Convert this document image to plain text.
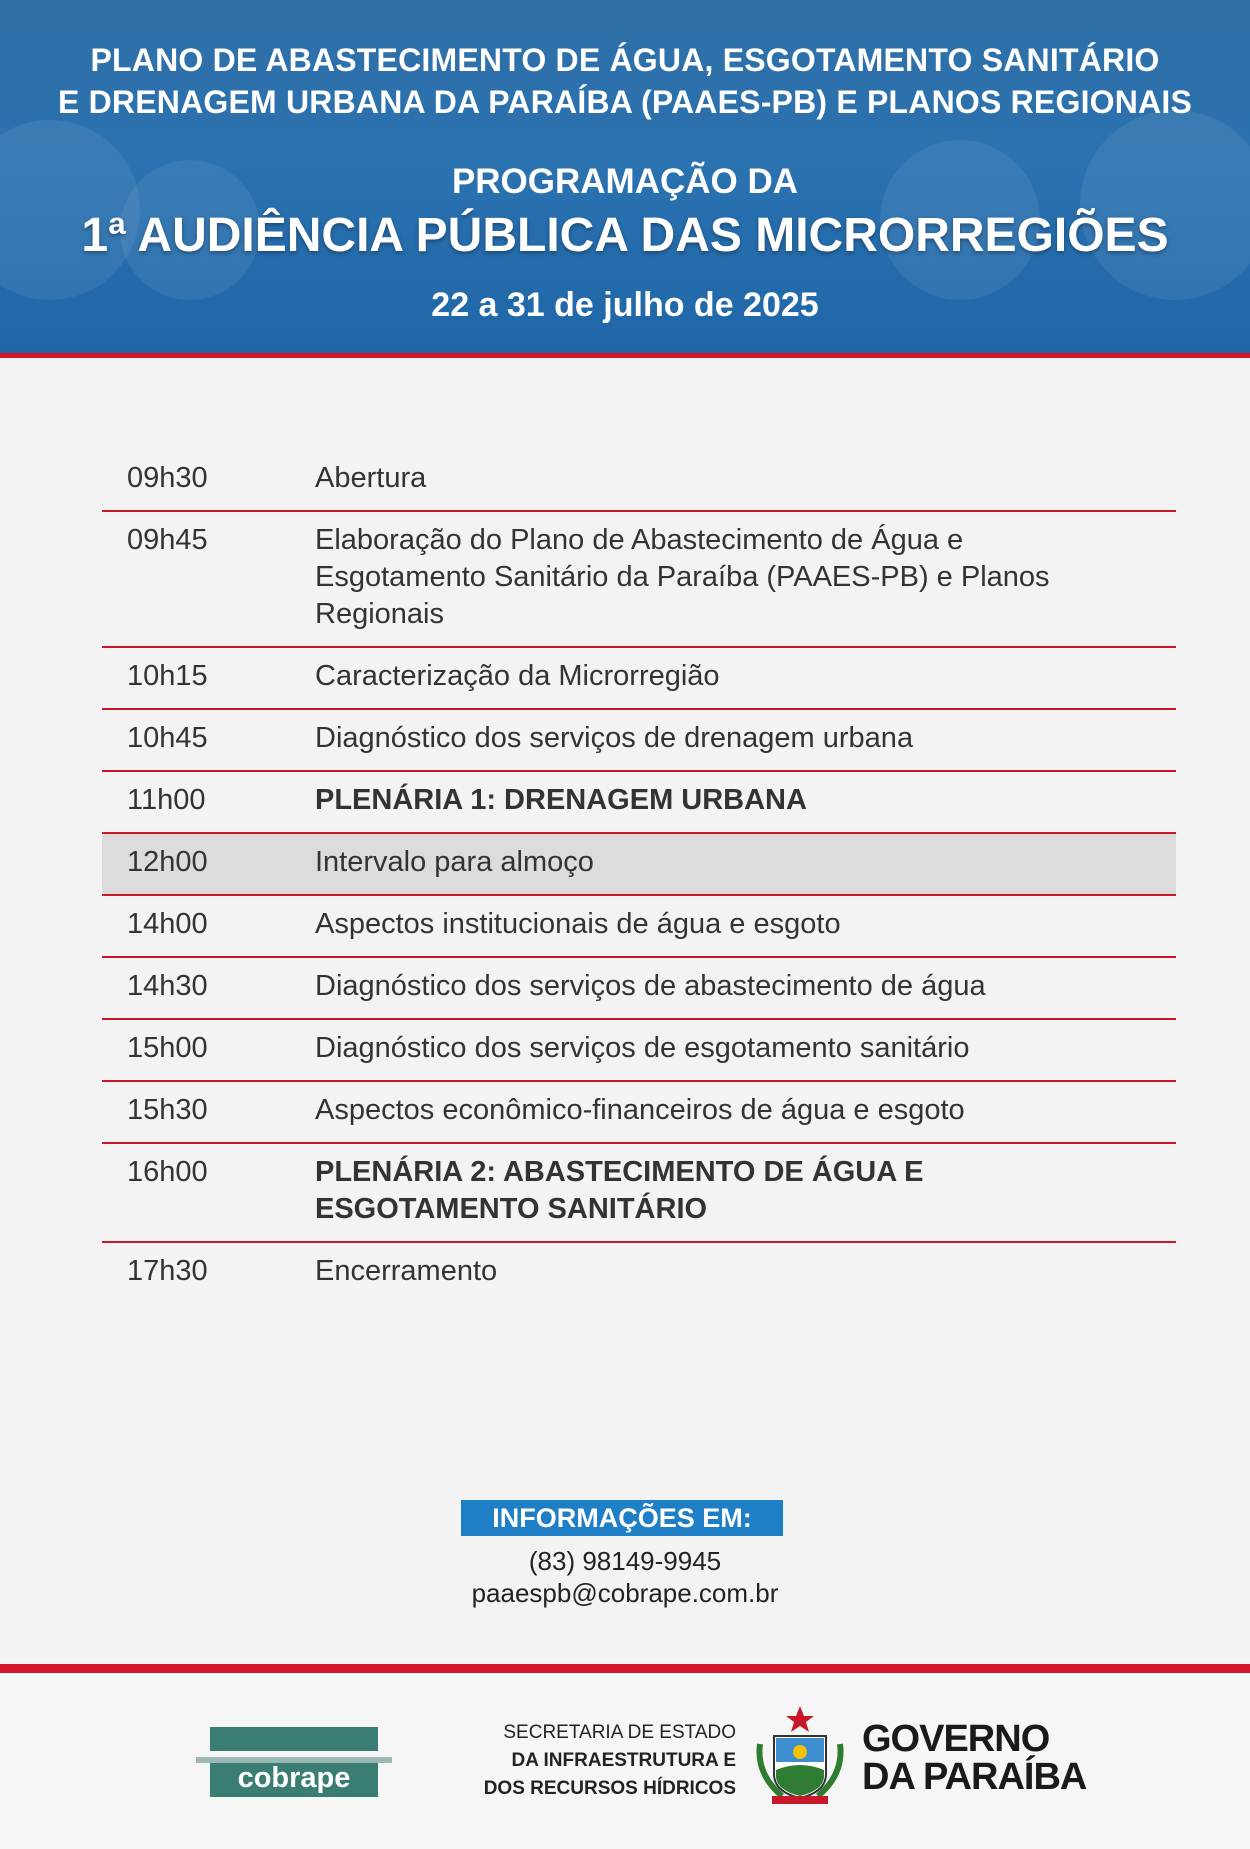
PLANO DE ABASTECIMENTO DE ÁGUA, ESGOTAMENTO SANITÁRIO
E DRENAGEM URBANA DA PARAÍBA (PAAES-PB) E PLANOS REGIONAIS
PROGRAMAÇÃO DA
1ª AUDIÊNCIA PÚBLICA DAS MICRORREGIÕES
22 a 31 de julho de 2025
09h30	Abertura
09h45	Elaboração do Plano de Abastecimento de Água e Esgotamento Sanitário da Paraíba (PAAES-PB) e Planos Regionais
10h15	Caracterização da Microrregião
10h45	Diagnóstico dos serviços de drenagem urbana
11h00	PLENÁRIA 1: DRENAGEM URBANA
12h00	Intervalo para almoço
14h00	Aspectos institucionais de água e esgoto
14h30	Diagnóstico dos serviços de abastecimento de água
15h00	Diagnóstico dos serviços de esgotamento sanitário
15h30	Aspectos econômico-financeiros de água e esgoto
16h00	PLENÁRIA 2: ABASTECIMENTO DE ÁGUA E ESGOTAMENTO SANITÁRIO
17h30	Encerramento
INFORMAÇÕES EM:
(83) 98149-9945
paaespb@cobrape.com.br
cobrape
SECRETARIA DE ESTADO
DA INFRAESTRUTURA E
DOS RECURSOS HÍDRICOS
GOVERNO
DA PARAÍBA
